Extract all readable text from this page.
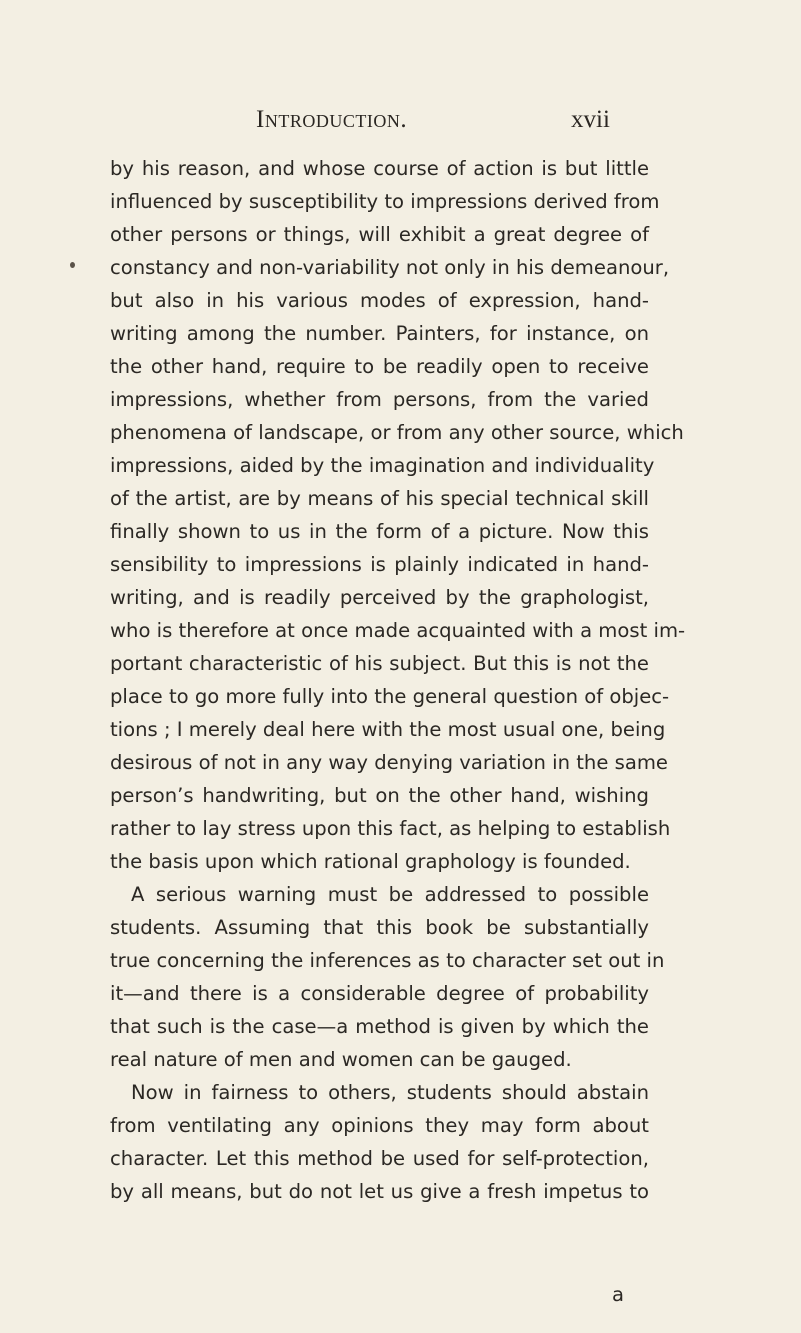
Introduction.	xvii
by his reason, and whose course of action is but little
influenced by susceptibility to impressions derived from
other persons or things, will exhibit a great degree of
constancy and non-variability not only in his demeanour,
but also in his various modes of expression, hand-
writing among the number. Painters, for instance, on
the other hand, require to be readily open to receive
impressions, whether from persons, from the varied
phenomena of landscape, or from any other source, which
impressions, aided by the imagination and individuality
of the artist, are by means of his special technical skill
finally shown to us in the form of a picture. Now this
sensibility to impressions is plainly indicated in hand-
writing, and is readily perceived by the graphologist,
who is therefore at once made acquainted with a most im-
portant characteristic of his subject. But this is not the
place to go more fully into the general question of objec-
tions ; I merely deal here with the most usual one, being
desirous of not in any way denying variation in the same
person’s handwriting, but on the other hand, wishing
rather to lay stress upon this fact, as helping to establish
the basis upon which rational graphology is founded.
A serious warning must be addressed to possible
students. Assuming that this book be substantially
true concerning the inferences as to character set out in
it—and there is a considerable degree of probability
that such is the case—a method is given by which the
real nature of men and women can be gauged.
Now in fairness to others, students should abstain
from ventilating any opinions they may form about
character. Let this method be used for self-protection,
by all means, but do not let us give a fresh impetus to
a
